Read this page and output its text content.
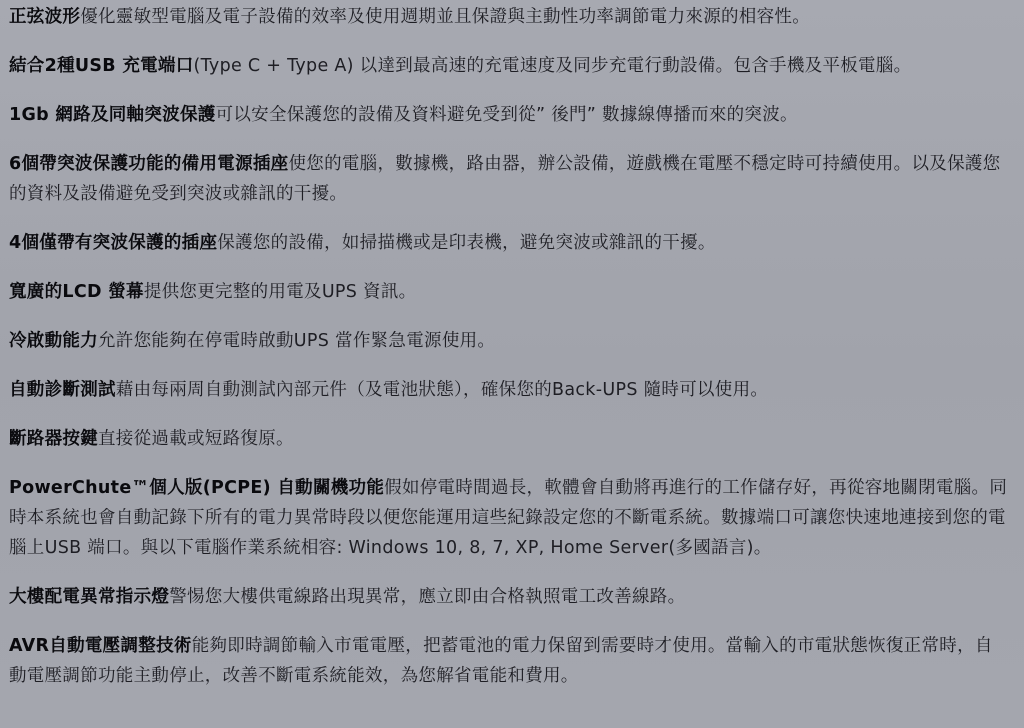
正弦波形優化靈敏型電腦及電子設備的效率及使用週期並且保證與主動性功率調節電力來源的相容性。

結合2種USB 充電端口(Type C + Type A) 以達到最高速的充電速度及同步充電行動設備。包含手機及平板電腦。

1Gb 網路及同軸突波保護可以安全保護您的設備及資料避免受到從” 後門” 數據線傳播而來的突波。

6個帶突波保護功能的備用電源插座使您的電腦，數據機，路由器，辦公設備，遊戲機在電壓不穩定時可持續使用。以及保護您的資料及設備避免受到突波或雜訊的干擾。

4個僅帶有突波保護的插座保護您的設備，如掃描機或是印表機，避免突波或雜訊的干擾。

寬廣的LCD 螢幕提供您更完整的用電及UPS 資訊。

冷啟動能力允許您能夠在停電時啟動UPS 當作緊急電源使用。

自動診斷測試藉由每兩周自動測試內部元件（及電池狀態），確保您的Back-UPS 隨時可以使用。

斷路器按鍵直接從過載或短路復原。

PowerChute™個人版(PCPE) 自動關機功能假如停電時間過長，軟體會自動將再進行的工作儲存好，再從容地關閉電腦。同時本系統也會自動記錄下所有的電力異常時段以便您能運用這些紀錄設定您的不斷電系統。數據端口可讓您快速地連接到您的電腦上USB 端口。與以下電腦作業系統相容: Windows 10, 8, 7, XP, Home Server(多國語言)。

大樓配電異常指示燈警惕您大樓供電線路出現異常，應立即由合格執照電工改善線路。

AVR自動電壓調整技術能夠即時調節輸入市電電壓，把蓄電池的電力保留到需要時才使用。當輸入的市電狀態恢復正常時，自動電壓調節功能主動停止，改善不斷電系統能效，為您解省電能和費用。
